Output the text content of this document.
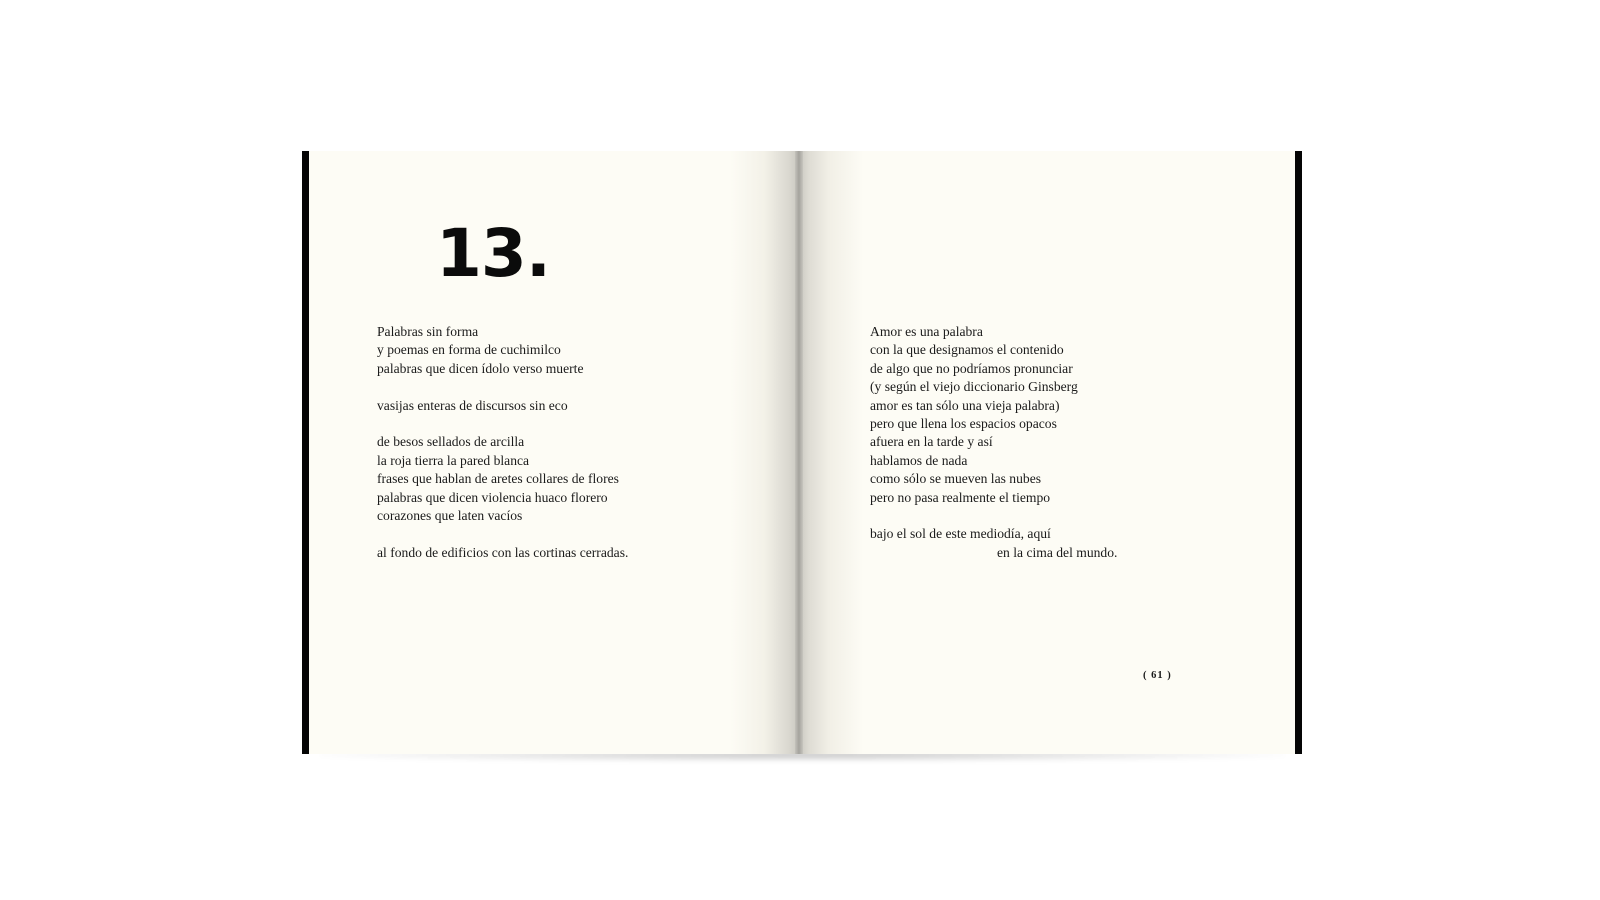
13.

Palabras sin forma
y poemas en forma de cuchimilco
palabras que dicen ídolo verso muerte

vasijas enteras de discursos sin eco

de besos sellados de arcilla
la roja tierra la pared blanca
frases que hablan de aretes collares de flores
palabras que dicen violencia huaco florero
corazones que laten vacíos

al fondo de edificios con las cortinas cerradas.

Amor es una palabra
con la que designamos el contenido
de algo que no podríamos pronunciar
(y según el viejo diccionario Ginsberg
amor es tan sólo una vieja palabra)
pero que llena los espacios opacos
afuera en la tarde y así
hablamos de nada
como sólo se mueven las nubes
pero no pasa realmente el tiempo

bajo el sol de este mediodía, aquí
en la cima del mundo.

( 61 )
